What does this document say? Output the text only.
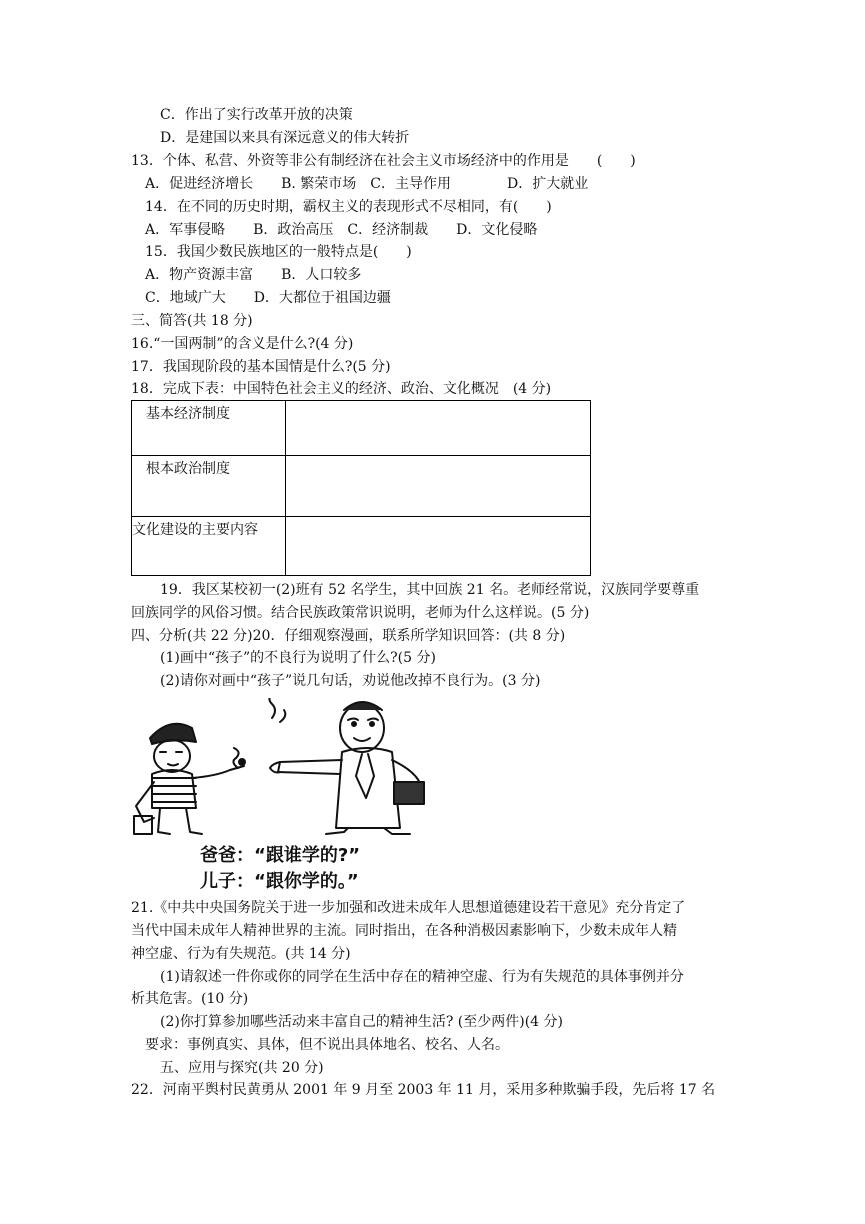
C．作出了实行改革开放的决策
D．是建国以来具有深远意义的伟大转折
13．个体、私营、外资等非公有制经济在社会主义市场经济中的作用是　　(　　)
A．促进经济增长　　B. 繁荣市场　C．主导作用　　　　D．扩大就业
14．在不同的历史时期，霸权主义的表现形式不尽相同，有(　　)
A．军事侵略　　B．政治高压　C．经济制裁　　D．文化侵略
15．我国少数民族地区的一般特点是(　　)
A．物产资源丰富　　B．人口较多
C．地域广大　　D．大都位于祖国边疆
三、简答(共 18 分)
16.“一国两制”的含义是什么?(4 分)
17．我国现阶段的基本国情是什么?(5 分)
18．完成下表：中国特色社会主义的经济、政治、文化概况　(4 分)
基本经济制度	
根本政治制度	
文化建设的主要内容	
19．我区某校初一(2)班有 52 名学生，其中回族 21 名。老师经常说，汉族同学要尊重
回族同学的风俗习惯。结合民族政策常识说明，老师为什么这样说。(5 分)
四、分析(共 22 分)20．仔细观察漫画，联系所学知识回答：(共 8 分)
(1)画中“孩子”的不良行为说明了什么?(5 分)
(2)请你对画中“孩子”说几句话，劝说他改掉不良行为。(3 分)
爸爸：“跟谁学的?”
儿子：“跟你学的。”
21.《中共中央国务院关于进一步加强和改进未成年人思想道德建设若干意见》充分肯定了
当代中国未成年人精神世界的主流。同时指出，在各种消极因素影响下，少数未成年人精
神空虚、行为有失规范。(共 14 分)
(1)请叙述一件你或你的同学在生活中存在的精神空虚、行为有失规范的具体事例并分
析其危害。(10 分)
(2)你打算参加哪些活动来丰富自己的精神生活? (至少两件)(4 分)
要求：事例真实、具体，但不说出具体地名、校名、人名。
五、应用与探究(共 20 分)
22．河南平舆村民黄勇从 2001 年 9 月至 2003 年 11 月，采用多种欺骗手段，先后将 17 名
